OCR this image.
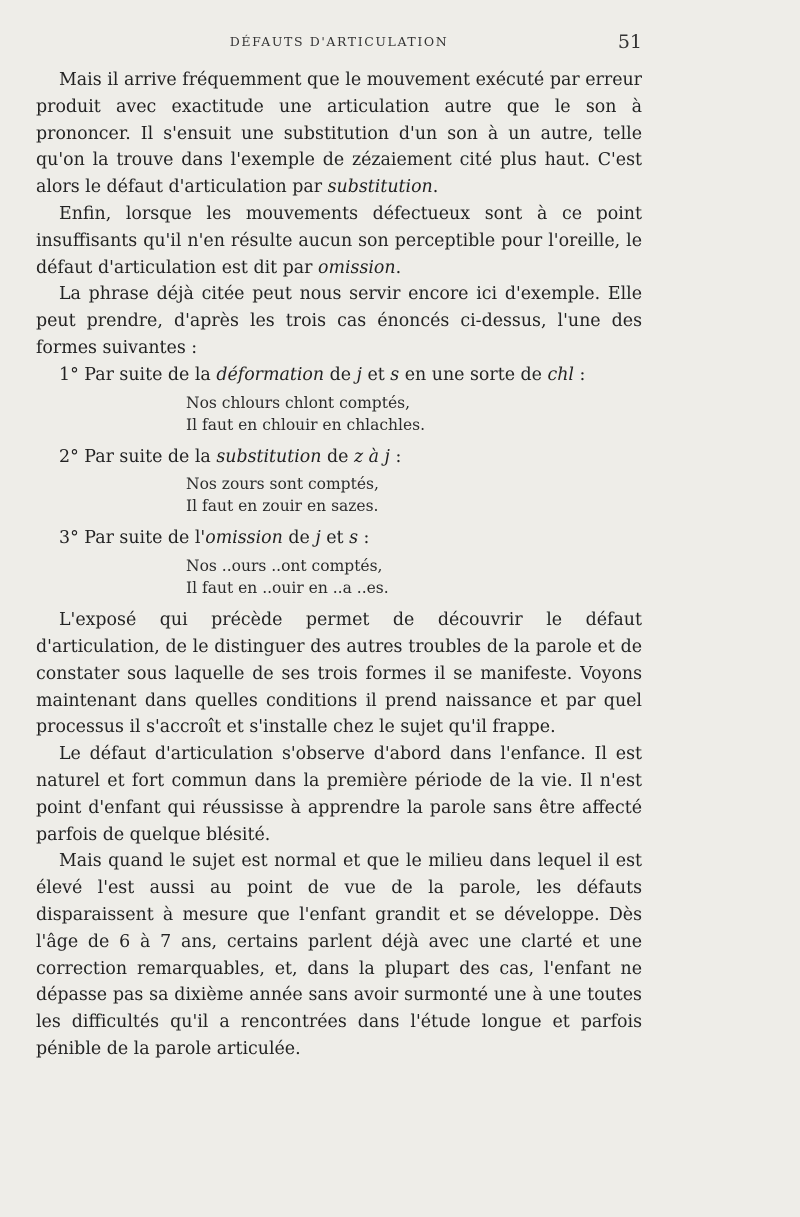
DÉFAUTS D'ARTICULATION	51

Mais il arrive fréquemment que le mouvement exécuté par erreur produit avec exactitude une articulation autre que le son à prononcer. Il s'ensuit une substitution d'un son à un autre, telle qu'on la trouve dans l'exemple de zézaiement cité plus haut. C'est alors le défaut d'articulation par substitution.

Enfin, lorsque les mouvements défectueux sont à ce point insuffisants qu'il n'en résulte aucun son perceptible pour l'oreille, le défaut d'articulation est dit par omission.

La phrase déjà citée peut nous servir encore ici d'exemple. Elle peut prendre, d'après les trois cas énoncés ci-dessus, l'une des formes suivantes :

1° Par suite de la déformation de j et s en une sorte de chl :

Nos chlours chlont comptés,
Il faut en chlouir en chlachles.

2° Par suite de la substitution de z à j :

Nos zours sont comptés,
Il faut en zouir en sazes.

3° Par suite de l'omission de j et s :

Nos ..ours ..ont comptés,
Il faut en ..ouir en ..a ..es.

L'exposé qui précède permet de découvrir le défaut d'articulation, de le distinguer des autres troubles de la parole et de constater sous laquelle de ses trois formes il se manifeste. Voyons maintenant dans quelles conditions il prend naissance et par quel processus il s'accroît et s'installe chez le sujet qu'il frappe.

Le défaut d'articulation s'observe d'abord dans l'enfance. Il est naturel et fort commun dans la première période de la vie. Il n'est point d'enfant qui réussisse à apprendre la parole sans être affecté parfois de quelque blésité.

Mais quand le sujet est normal et que le milieu dans lequel il est élevé l'est aussi au point de vue de la parole, les défauts disparaissent à mesure que l'enfant grandit et se développe. Dès l'âge de 6 à 7 ans, certains parlent déjà avec une clarté et une correction remarquables, et, dans la plupart des cas, l'enfant ne dépasse pas sa dixième année sans avoir surmonté une à une toutes les difficultés qu'il a rencontrées dans l'étude longue et parfois pénible de la parole articulée.
